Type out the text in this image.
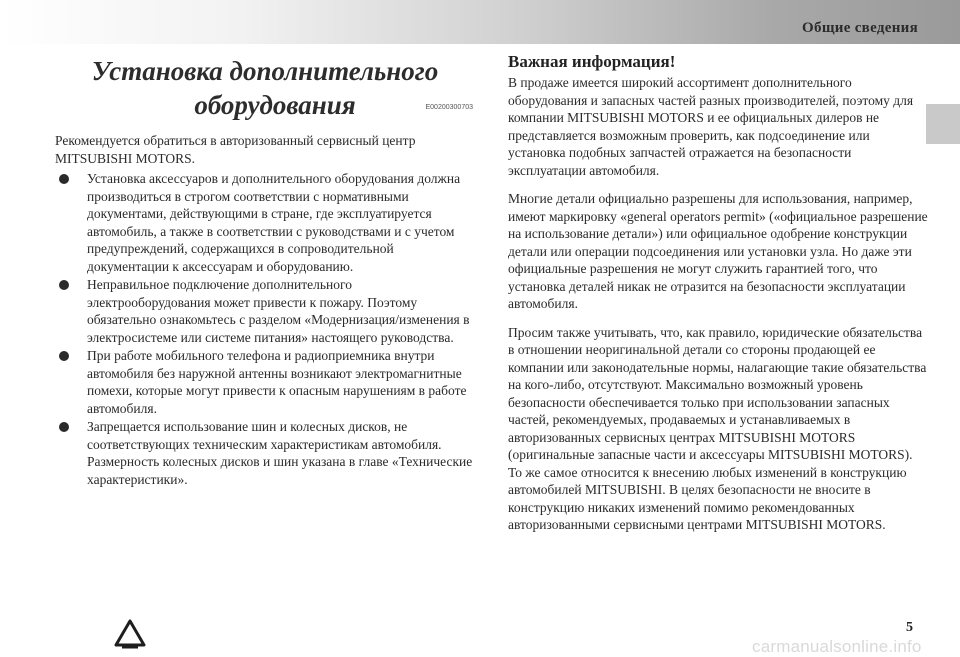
Общие сведения
Установка дополнительного

оборудования	E00200300703

Рекомендуется обратиться в авторизованный сервисный центр MITSUBISHI MOTORS.

Установка аксессуаров и дополнительного оборудования должна производиться в строгом соответствии с нормативными документами, действующими в стране, где эксплуатируется автомобиль, а также в соответствии с руководствами и с учетом предупреждений, содержащихся в сопроводительной документации к аксессуарам и оборудованию.
Неправильное подключение дополнительного электрооборудования может привести к пожару. Поэтому обязательно ознакомьтесь с разделом «Модернизация/изменения в электросистеме или системе питания» настоящего руководства.
При работе мобильного телефона и радиоприемника внутри автомобиля без наружной антенны возникают электромагнитные помехи, которые могут привести к опасным нарушениям в работе автомобиля.
Запрещается использование шин и колесных дисков, не соответствующих техническим характеристикам автомобиля. Размерность колесных дисков и шин указана в главе «Технические характеристики».
Важная информация!

В продаже имеется широкий ассортимент дополнительного оборудования и запасных частей разных производителей, поэтому для компании MITSUBISHI MOTORS и ее официальных дилеров не представляется возможным проверить, как подсоединение или установка подобных запчастей отражается на безопасности эксплуатации автомобиля.

Многие детали официально разрешены для использования, например, имеют маркировку «general operators permit» («официальное разрешение на использование детали») или официальное одобрение конструкции детали или операции подсоединения или установки узла. Но даже эти официальные разрешения не могут служить гарантией того, что установка деталей никак не отразится на безопасности эксплуатации автомобиля.

Просим также учитывать, что, как правило, юридические обязательства в отношении неоригинальной детали со стороны продающей ее компании или законодательные нормы, налагающие такие обязательства на кого-либо, отсутствуют. Максимально возможный уровень безопасности обеспечивается только при использовании запасных частей, рекомендуемых, продаваемых и устанавливаемых в авторизованных сервисных центрах MITSUBISHI MOTORS (оригинальные запасные части и аксессуары MITSUBISHI MOTORS). То же самое относится к внесению любых изменений в конструкцию автомобилей MITSUBISHI. В целях безопасности не вносите в конструкцию никаких изменений помимо рекомендованных авторизованными сервисными центрами MITSUBISHI MOTORS.

5
carmanualsonline.info
